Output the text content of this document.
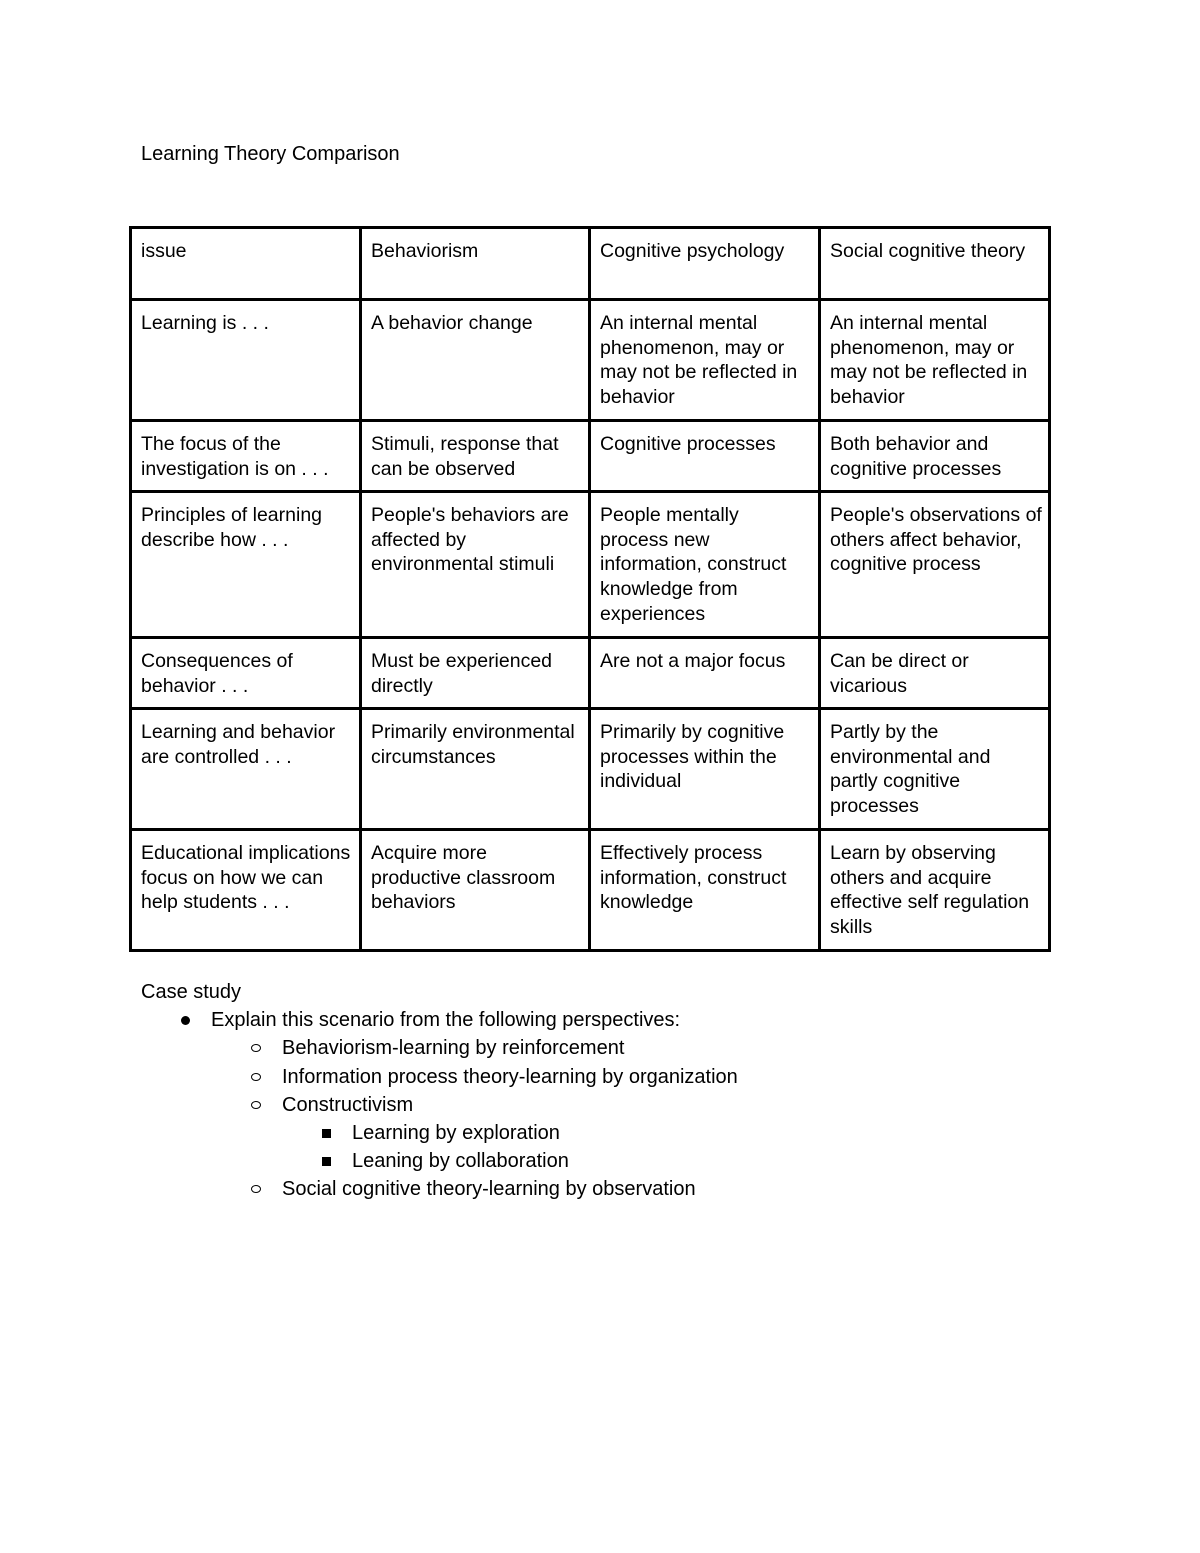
Learning Theory Comparison
issue	Behaviorism	Cognitive psychology	Social cognitive theory
Learning is . . .	A behavior change	An internal mental phenomenon, may or may not be reflected in behavior	An internal mental phenomenon, may or may not be reflected in behavior
The focus of the investigation is on . . .	Stimuli, response that can be observed	Cognitive processes	Both behavior and cognitive processes
Principles of learning describe how . . .	People's behaviors are affected by environmental stimuli	People mentally process new information, construct knowledge from experiences	People's observations of others affect behavior, cognitive process
Consequences of behavior . . .	Must be experienced directly	Are not a major focus	Can be direct or vicarious
Learning and behavior are controlled . . .	Primarily environmental circumstances	Primarily by cognitive processes within the individual	Partly by the environmental and partly cognitive processes
Educational implications focus on how we can help students . . .	Acquire more productive classroom behaviors	Effectively process information, construct knowledge	Learn by observing others and acquire effective self regulation skills
Case study
Explain this scenario from the following perspectives:
Behaviorism-learning by reinforcement
Information process theory-learning by organization
Constructivism
Learning by exploration
Leaning by collaboration
Social cognitive theory-learning by observation
